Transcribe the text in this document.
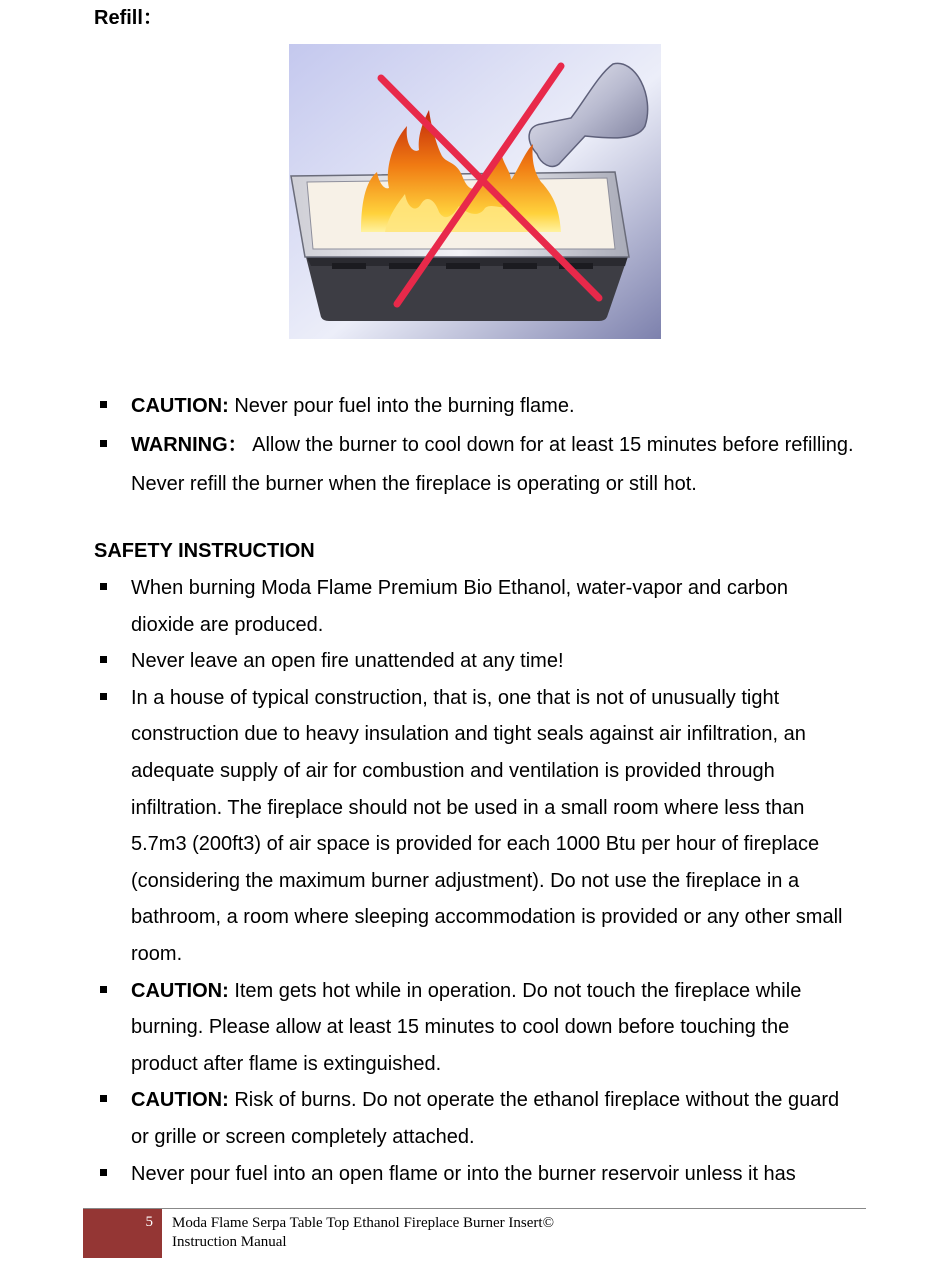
Refill：
CAUTION: Never pour fuel into the burning flame.
WARNING： Allow the burner to cool down for at least 15 minutes before refilling. Never refill the burner when the fireplace is operating or still hot.
SAFETY INSTRUCTION
When burning Moda Flame Premium Bio Ethanol, water-vapor and carbon dioxide are produced.
Never leave an open fire unattended at any time!
In a house of typical construction, that is, one that is not of unusually tight construction due to heavy insulation and tight seals against air infiltration, an adequate supply of air for combustion and ventilation is provided through infiltration. The fireplace should not be used in a small room where less than 5.7m3 (200ft3) of air space is provided for each 1000 Btu per hour of fireplace (considering the maximum burner adjustment). Do not use the fireplace in a bathroom, a room where sleeping accommodation is provided or any other small room.
CAUTION: Item gets hot while in operation. Do not touch the fireplace while burning. Please allow at least 15 minutes to cool down before touching the product after flame is extinguished.
CAUTION: Risk of burns. Do not operate the ethanol fireplace without the guard or grille or screen completely attached.
Never pour fuel into an open flame or into the burner reservoir unless it has
5 Moda Flame Serpa Table Top Ethanol Fireplace Burner Insert©
Instruction Manual
